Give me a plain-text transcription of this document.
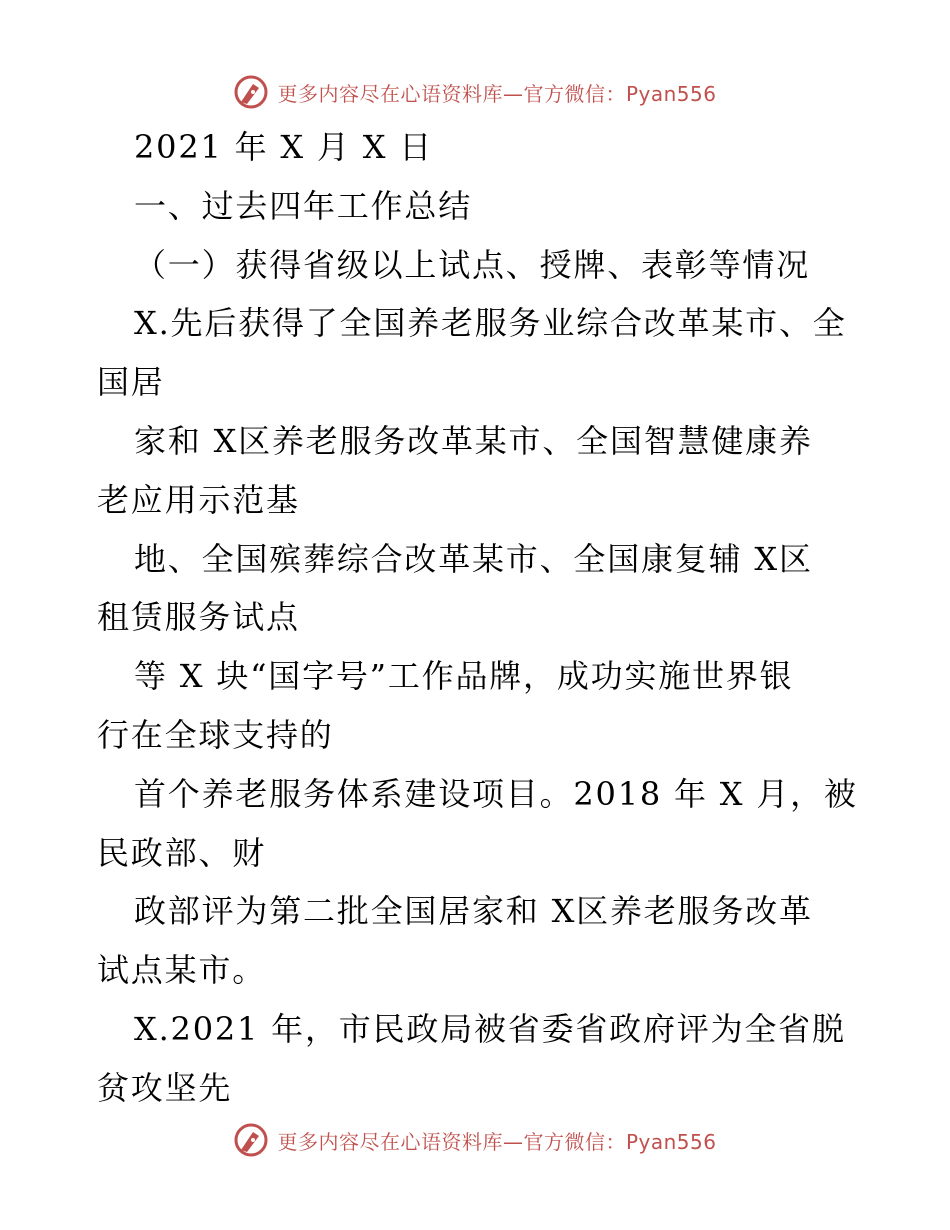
更多内容尽在心语资料库—官方微信：Pyan556
2021 年 X 月 X 日
一、过去四年工作总结
（一）获得省级以上试点、授牌、表彰等情况
X.先后获得了全国养老服务业综合改革某市、全
国居
家和 X区养老服务改革某市、全国智慧健康养
老应用示范基
地、全国殡葬综合改革某市、全国康复辅 X区
租赁服务试点
等 X 块“国字号”工作品牌，成功实施世界银
行在全球支持的
首个养老服务体系建设项目。2018 年 X 月，被
民政部、财
政部评为第二批全国居家和 X区养老服务改革
试点某市。
X.2021 年，市民政局被省委省政府评为全省脱
贫攻坚先
更多内容尽在心语资料库—官方微信：Pyan556
